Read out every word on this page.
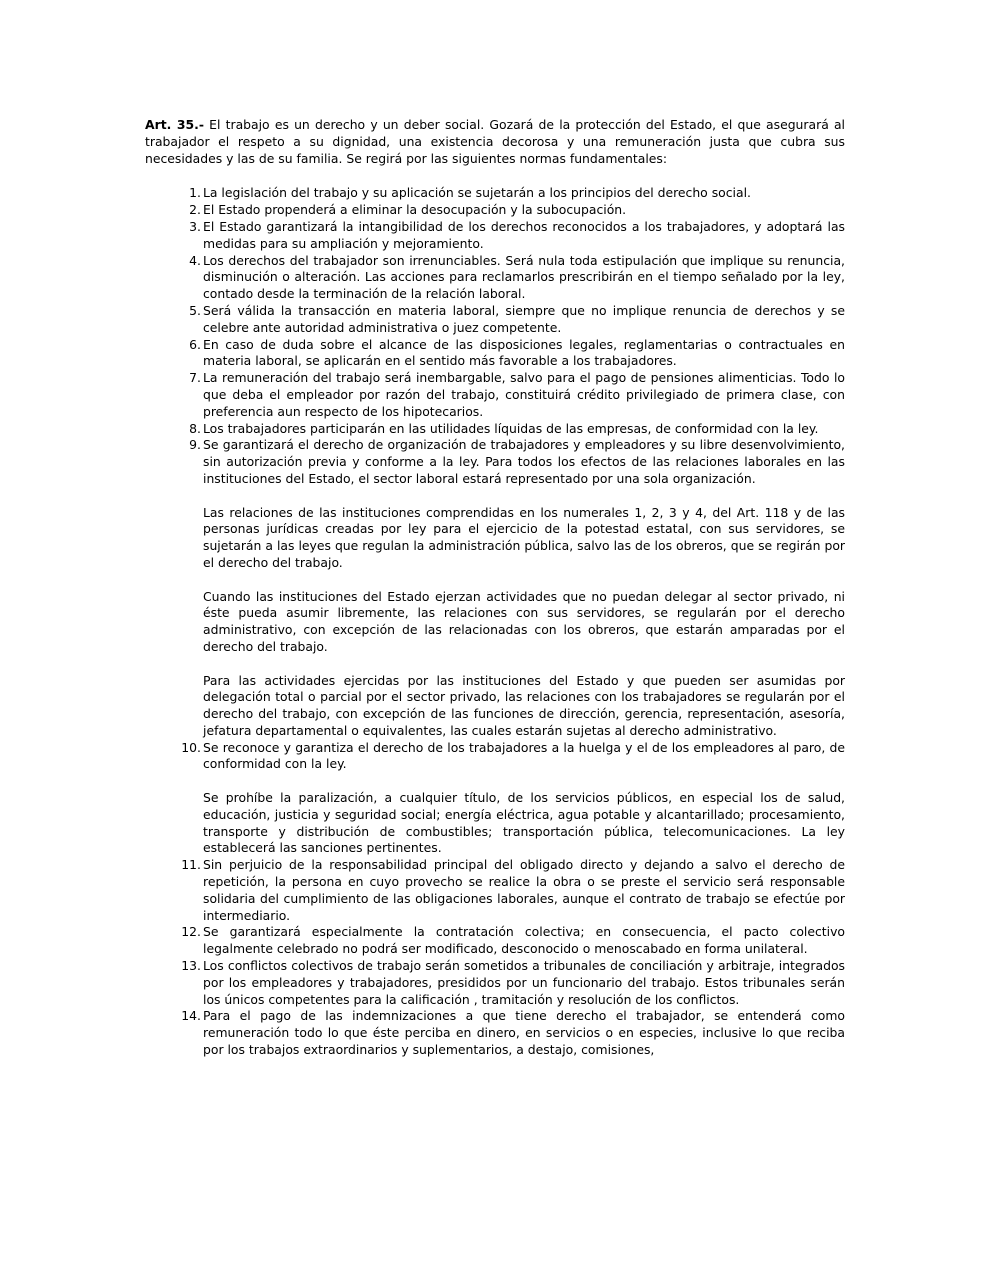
Art. 35.- El trabajo es un derecho y un deber social. Gozará de la protección del Estado, el que asegurará al trabajador el respeto a su dignidad, una existencia decorosa y una remuneración justa que cubra sus necesidades y las de su familia. Se regirá por las siguientes normas fundamentales:

1. La legislación del trabajo y su aplicación se sujetarán a los principios del derecho social.

2. El Estado propenderá a eliminar la desocupación y la subocupación.

3. El Estado garantizará la intangibilidad de los derechos reconocidos a los trabajadores, y adoptará las medidas para su ampliación y mejoramiento.

4. Los derechos del trabajador son irrenunciables. Será nula toda estipulación que implique su renuncia, disminución o alteración. Las acciones para reclamarlos prescribirán en el tiempo señalado por la ley, contado desde la terminación de la relación laboral.

5. Será válida la transacción en materia laboral, siempre que no implique renuncia de derechos y se celebre ante autoridad administrativa o juez competente.

6. En caso de duda sobre el alcance de las disposiciones legales, reglamentarias o contractuales en materia laboral, se aplicarán en el sentido más favorable a los trabajadores.

7. La remuneración del trabajo será inembargable, salvo para el pago de pensiones alimenticias. Todo lo que deba el empleador por razón del trabajo, constituirá crédito privilegiado de primera clase, con preferencia aun respecto de los hipotecarios.

8. Los trabajadores participarán en las utilidades líquidas de las empresas, de conformidad con la ley.

9. Se garantizará el derecho de organización de trabajadores y empleadores y su libre desenvolvimiento, sin autorización previa y conforme a la ley. Para todos los efectos de las relaciones laborales en las instituciones del Estado, el sector laboral estará representado por una sola organización.

Las relaciones de las instituciones comprendidas en los numerales 1, 2, 3 y 4, del Art. 118 y de las personas jurídicas creadas por ley para el ejercicio de la potestad estatal, con sus servidores, se sujetarán a las leyes que regulan la administración pública, salvo las de los obreros, que se regirán por el derecho del trabajo.

Cuando las instituciones del Estado ejerzan actividades que no puedan delegar al sector privado, ni éste pueda asumir libremente, las relaciones con sus servidores, se regularán por el derecho administrativo, con excepción de las relacionadas con los obreros, que estarán amparadas por el derecho del trabajo.

Para las actividades ejercidas por las instituciones del Estado y que pueden ser asumidas por delegación total o parcial por el sector privado, las relaciones con los trabajadores se regularán por el derecho del trabajo, con excepción de las funciones de dirección, gerencia, representación, asesoría, jefatura departamental o equivalentes, las cuales estarán sujetas al derecho administrativo.

10. Se reconoce y garantiza el derecho de los trabajadores a la huelga y el de los empleadores al paro, de conformidad con la ley.

Se prohíbe la paralización, a cualquier título, de los servicios públicos, en especial los de salud, educación, justicia y seguridad social; energía eléctrica, agua potable y alcantarillado; procesamiento, transporte y distribución de combustibles; transportación pública, telecomunicaciones. La ley establecerá las sanciones pertinentes.

11. Sin perjuicio de la responsabilidad principal del obligado directo y dejando a salvo el derecho de repetición, la persona en cuyo provecho se realice la obra o se preste el servicio será responsable solidaria del cumplimiento de las obligaciones laborales, aunque el contrato de trabajo se efectúe por intermediario.

12. Se garantizará especialmente la contratación colectiva; en consecuencia, el pacto colectivo legalmente celebrado no podrá ser modificado, desconocido o menoscabado en forma unilateral.

13. Los conflictos colectivos de trabajo serán sometidos a tribunales de conciliación y arbitraje, integrados por los empleadores y trabajadores, presididos por un funcionario del trabajo. Estos tribunales serán los únicos competentes para la calificación , tramitación y resolución de los conflictos.

14. Para el pago de las indemnizaciones a que tiene derecho el trabajador, se entenderá como remuneración todo lo que éste perciba en dinero, en servicios o en especies, inclusive lo que reciba por los trabajos extraordinarios y suplementarios, a destajo, comisiones,
